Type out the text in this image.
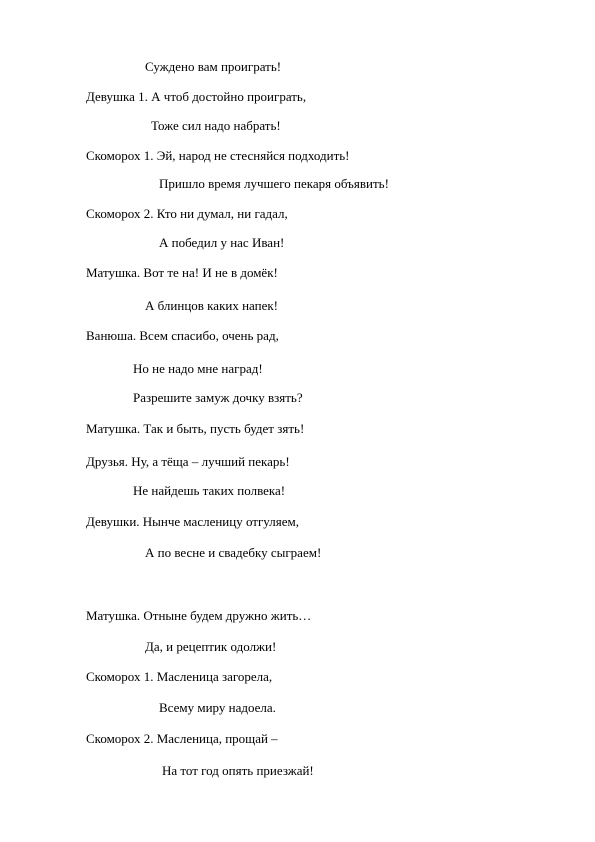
Суждено вам проиграть!
Девушка 1. А чтоб достойно проиграть,
Тоже сил надо набрать!
Скоморох 1. Эй, народ не стесняйся подходить!
Пришло время лучшего пекаря объявить!
Скоморох 2. Кто ни думал, ни гадал,
А победил у нас Иван!
Матушка. Вот те на! И не в домёк!
А блинцов каких напек!
Ванюша. Всем спасибо, очень рад,
Но не надо мне наград!
Разрешите замуж дочку взять?
Матушка. Так и быть, пусть будет зять!
Друзья. Ну, а тёща – лучший пекарь!
Не найдешь таких полвека!
Девушки. Нынче масленицу отгуляем,
А по весне и свадебку сыграем!
Матушка. Отныне будем дружно жить…
Да, и рецептик одолжи!
Скоморох 1. Масленица загорела,
Всему миру надоела.
Скоморох 2. Масленица, прощай –
На тот год опять приезжай!
